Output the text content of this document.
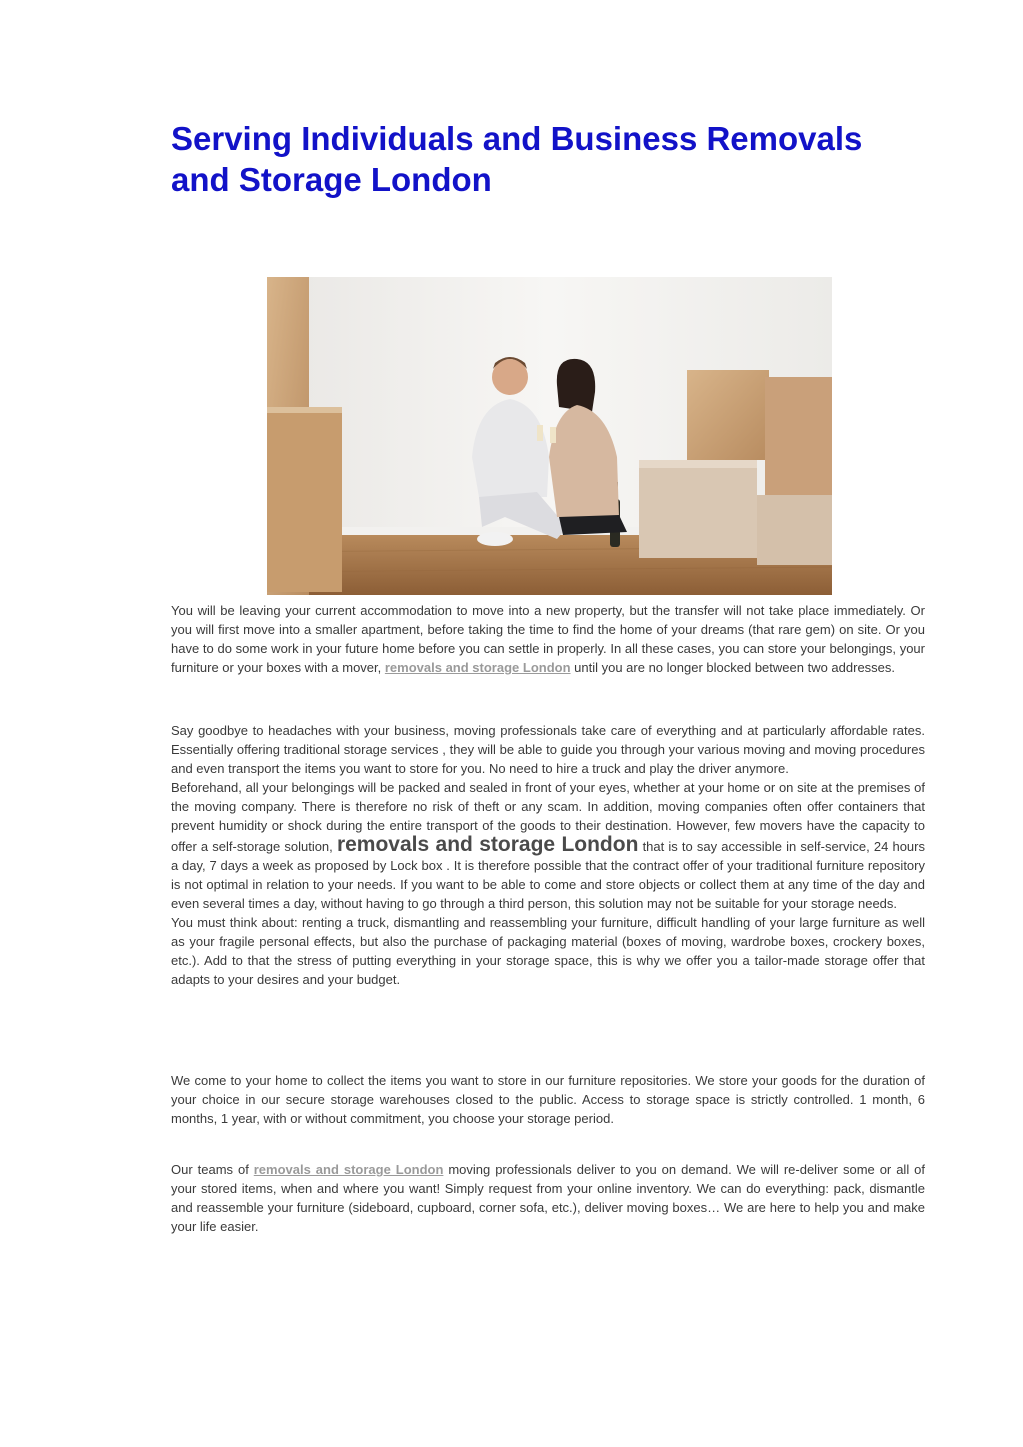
Serving Individuals and Business Removals and Storage London

You will be leaving your current accommodation to move into a new property, but the transfer will not take place immediately. Or you will first move into a smaller apartment, before taking the time to find the home of your dreams (that rare gem) on site. Or you have to do some work in your future home before you can settle in properly. In all these cases, you can store your belongings, your furniture or your boxes with a mover, removals and storage London until you are no longer blocked between two addresses.

Say goodbye to headaches with your business, moving professionals take care of everything and at particularly affordable rates. Essentially offering traditional storage services , they will be able to guide you through your various moving and moving procedures and even transport the items you want to store for you. No need to hire a truck and play the driver anymore.
Beforehand, all your belongings will be packed and sealed in front of your eyes, whether at your home or on site at the premises of the moving company. There is therefore no risk of theft or any scam. In addition, moving companies often offer containers that prevent humidity or shock during the entire transport of the goods to their destination. However, few movers have the capacity to offer a self-storage solution, removals and storage London that is to say accessible in self-service, 24 hours a day, 7 days a week as proposed by Lock box . It is therefore possible that the contract offer of your traditional furniture repository is not optimal in relation to your needs. If you want to be able to come and store objects or collect them at any time of the day and even several times a day, without having to go through a third person, this solution may not be suitable for your storage needs.
You must think about: renting a truck, dismantling and reassembling your furniture, difficult handling of your large furniture as well as your fragile personal effects, but also the purchase of packaging material (boxes of moving, wardrobe boxes, crockery boxes, etc.). Add to that the stress of putting everything in your storage space, this is why we offer you a tailor-made storage offer that adapts to your desires and your budget.

We come to your home to collect the items you want to store in our furniture repositories. We store your goods for the duration of your choice in our secure storage warehouses closed to the public. Access to storage space is strictly controlled. 1 month, 6 months, 1 year, with or without commitment, you choose your storage period.

Our teams of removals and storage London moving professionals deliver to you on demand. We will re-deliver some or all of your stored items, when and where you want! Simply request from your online inventory. We can do everything: pack, dismantle and reassemble your furniture (sideboard, cupboard, corner sofa, etc.), deliver moving boxes… We are here to help you and make your life easier.
